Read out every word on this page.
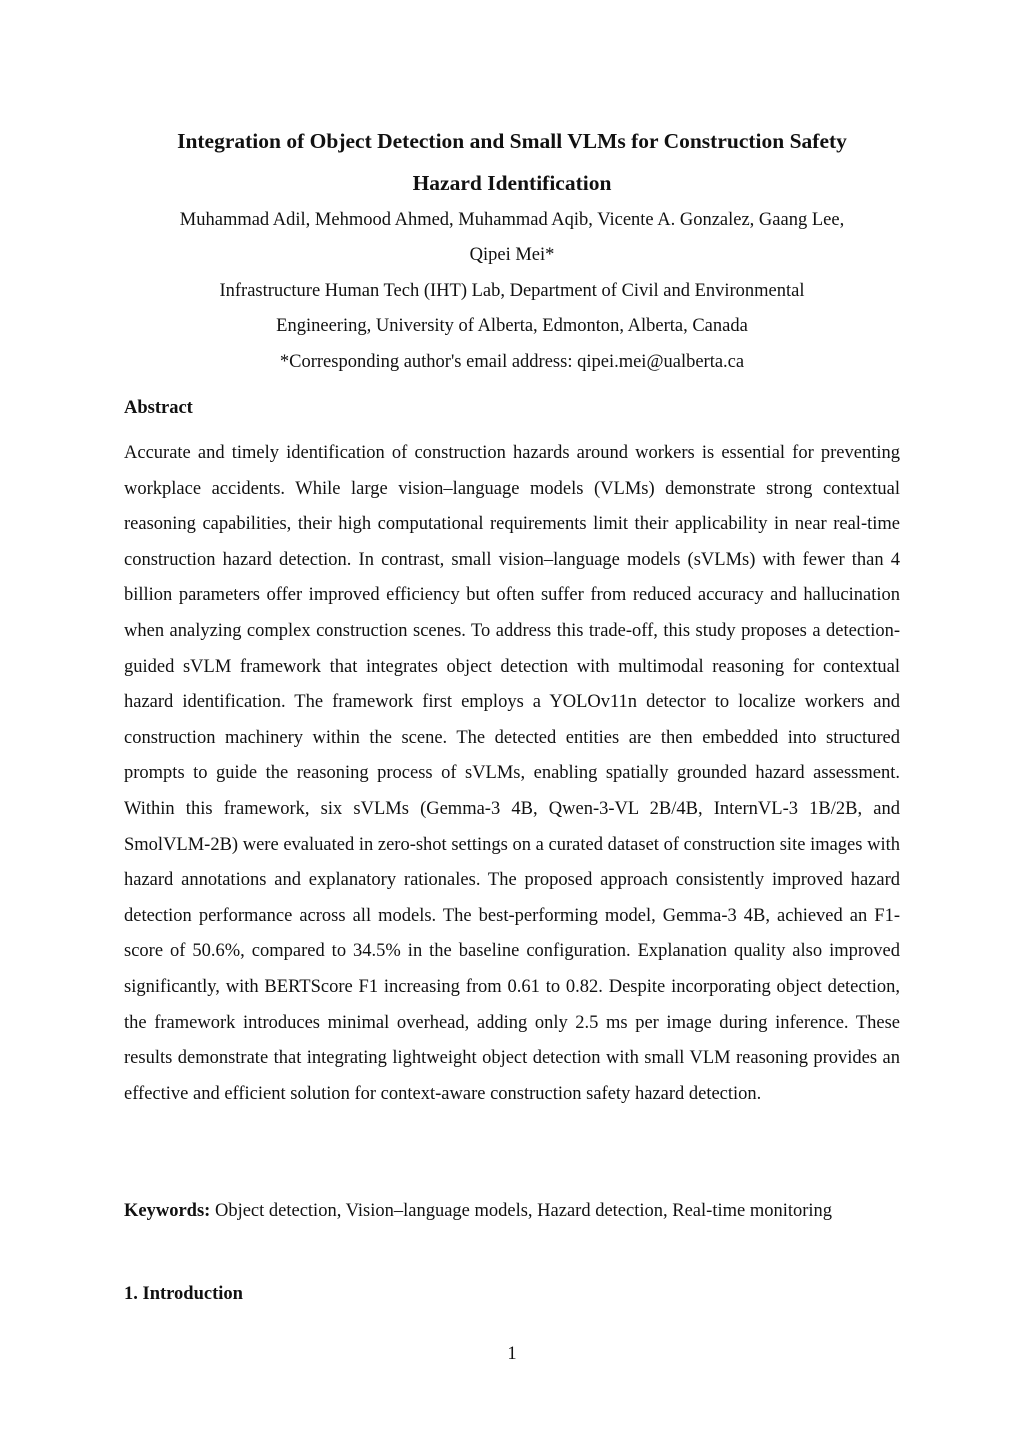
Integration of Object Detection and Small VLMs for Construction Safety
Hazard Identification
Muhammad Adil, Mehmood Ahmed, Muhammad Aqib, Vicente A. Gonzalez, Gaang Lee,
Qipei Mei*
Infrastructure Human Tech (IHT) Lab, Department of Civil and Environmental
Engineering, University of Alberta, Edmonton, Alberta, Canada
*Corresponding author's email address: qipei.mei@ualberta.ca
Abstract

Accurate and timely identification of construction hazards around workers is essential for preventing workplace accidents. While large vision–language models (VLMs) demonstrate strong contextual reasoning capabilities, their high computational requirements limit their applicability in near real-time construction hazard detection. In contrast, small vision–language models (sVLMs) with fewer than 4 billion parameters offer improved efficiency but often suffer from reduced accuracy and hallucination when analyzing complex construction scenes. To address this trade-off, this study proposes a detection-guided sVLM framework that integrates object detection with multimodal reasoning for contextual hazard identification. The framework first employs a YOLOv11n detector to localize workers and construction machinery within the scene. The detected entities are then embedded into structured prompts to guide the reasoning process of sVLMs, enabling spatially grounded hazard assessment. Within this framework, six sVLMs (Gemma-3 4B, Qwen-3-VL 2B/4B, InternVL-3 1B/2B, and SmolVLM-2B) were evaluated in zero-shot settings on a curated dataset of construction site images with hazard annotations and explanatory rationales. The proposed approach consistently improved hazard detection performance across all models. The best-performing model, Gemma-3 4B, achieved an F1-score of 50.6%, compared to 34.5% in the baseline configuration. Explanation quality also improved significantly, with BERTScore F1 increasing from 0.61 to 0.82. Despite incorporating object detection, the framework introduces minimal overhead, adding only 2.5 ms per image during inference. These results demonstrate that integrating lightweight object detection with small VLM reasoning provides an effective and efficient solution for context-aware construction safety hazard detection.

Keywords: Object detection, Vision–language models, Hazard detection, Real-time monitoring

1. Introduction
1
